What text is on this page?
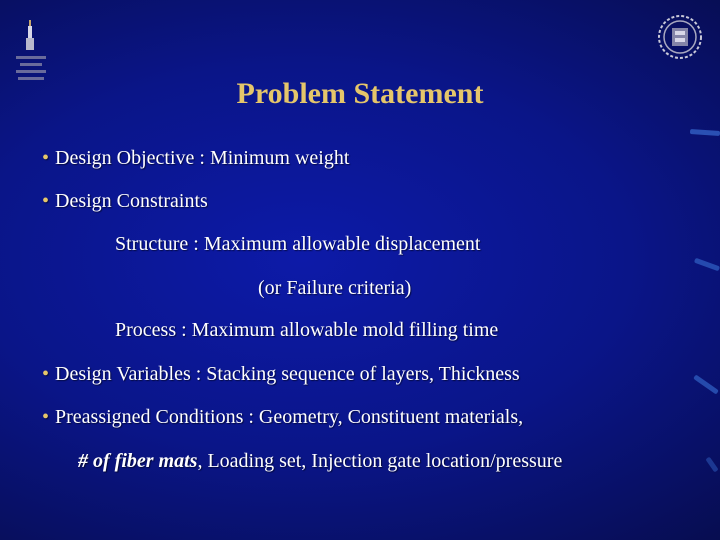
Problem Statement
• Design Objective : Minimum weight
• Design Constraints
Structure : Maximum allowable displacement
(or Failure criteria)
Process : Maximum allowable mold filling time
• Design Variables : Stacking sequence of layers, Thickness
• Preassigned Conditions : Geometry, Constituent materials,
# of fiber mats, Loading set, Injection gate location/pressure
